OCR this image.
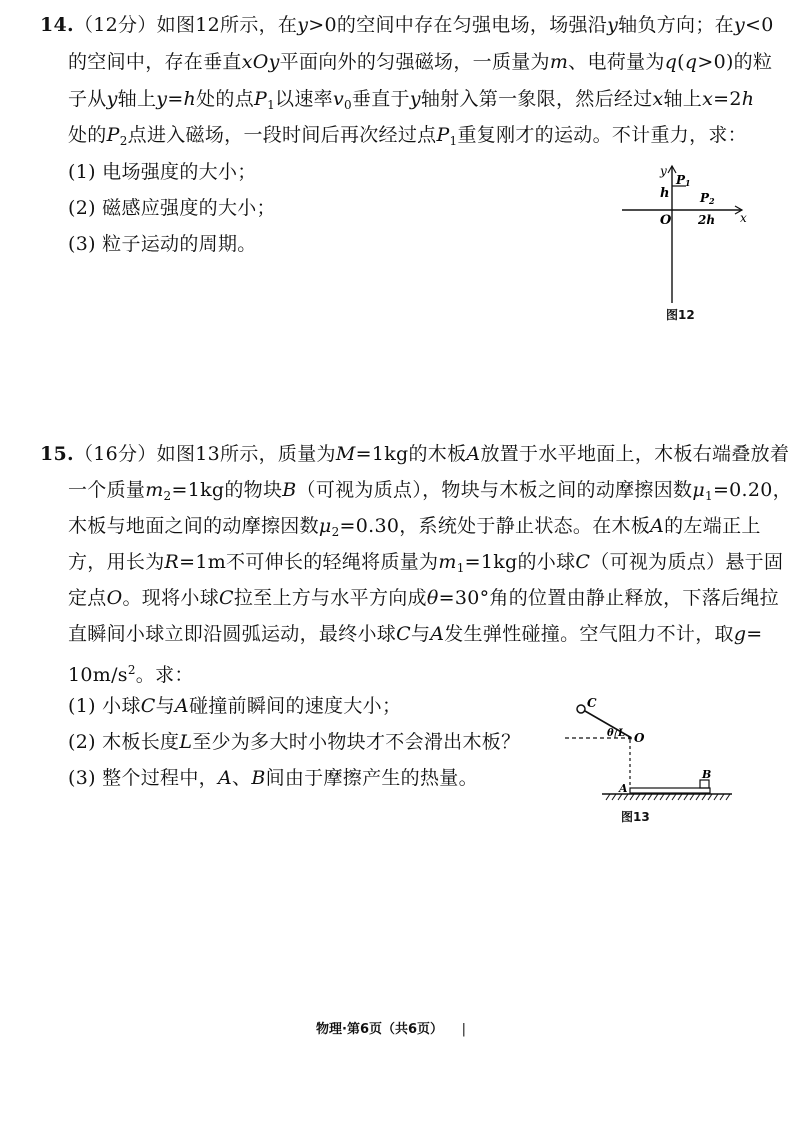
14.（12分）如图12所示，在y>0的空间中存在匀强电场，场强沿y轴负方向；在y<0
的空间中，存在垂直xOy平面向外的匀强磁场，一质量为m、电荷量为q(q>0)的粒
子从y轴上y=h处的点$P_1$以速率$v_0$垂直于y轴射入第一象限，然后经过x轴上x=2h
处的$P_2$点进入磁场，一段时间后再次经过点$P_1$重复刚才的运动。不计重力，求：
(1) 电场强度的大小；
(2) 磁感应强度的大小；
(3) 粒子运动的周期。
y
h
P1
P2
O 2h x
图12
15.（16分）如图13所示，质量为M=1kg的木板A放置于水平地面上，木板右端叠放着
一个质量$m_2=1kg$的物块B（可视为质点），物块与木板之间的动摩擦因数$\mu_1=0.20$，
木板与地面之间的动摩擦因数$\mu_2=0.30$，系统处于静止状态。在木板A的左端正上
方，用长为R=1m不可伸长的轻绳将质量为$m_1=1kg$的小球C（可视为质点）悬于固
定点O。现将小球C拉至上方与水平方向成θ=30°角的位置由静止释放，下落后绳拉
直瞬间小球立即沿圆弧运动，最终小球C与A发生弹性碰撞。空气阻力不计，取g=
$10m/s^2$。求：
(1) 小球C与A碰撞前瞬间的速度大小；
(2) 木板长度L至少为多大时小物块才不会滑出木板？
(3) 整个过程中，A、B间由于摩擦产生的热量。
C
θ L O
A
B
图13
物理·第6页（共6页） |
